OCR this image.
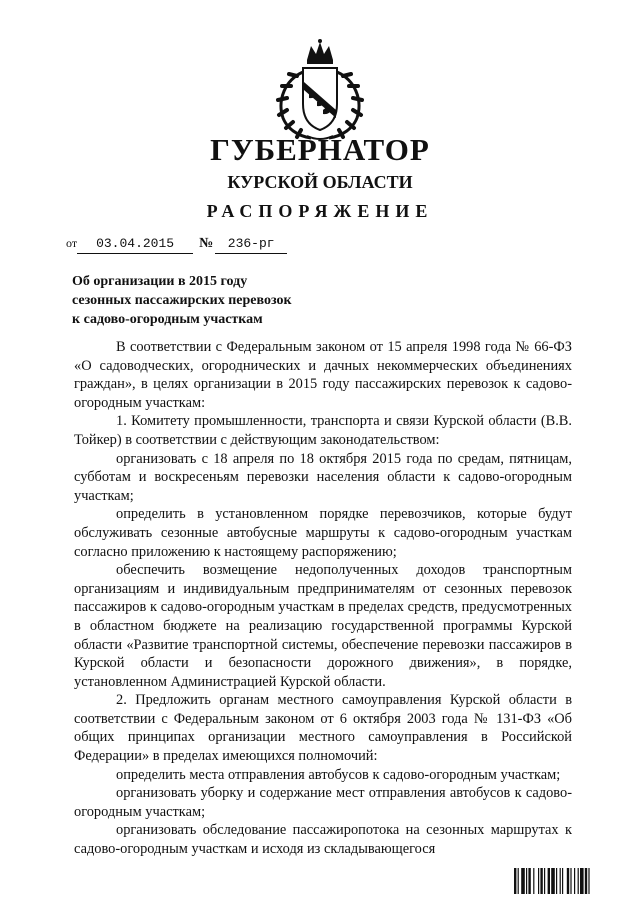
ГУБЕРНАТОР
КУРСКОЙ ОБЛАСТИ
РАСПОРЯЖЕНИЕ
от 03.04.2015 № 236-рг
Об организации в 2015 году
сезонных пассажирских перевозок
к садово-огородным участкам

В соответствии с Федеральным законом от 15 апреля 1998 года № 66-ФЗ «О садоводческих, огороднических и дачных некоммерческих объединениях граждан», в целях организации в 2015 году пассажирских перевозок к садово-огородным участкам:

1. Комитету промышленности, транспорта и связи Курской области (В.В. Тойкер) в соответствии с действующим законодательством:

организовать с 18 апреля по 18 октября 2015 года по средам, пятницам, субботам и воскресеньям перевозки населения области к садово-огородным участкам;

определить в установленном порядке перевозчиков, которые будут обслуживать сезонные автобусные маршруты к садово-огородным участкам согласно приложению к настоящему распоряжению;

обеспечить возмещение недополученных доходов транспортным организациям и индивидуальным предпринимателям от сезонных перевозок пассажиров к садово-огородным участкам в пределах средств, предусмотренных в областном бюджете на реализацию государственной программы Курской области «Развитие транспортной системы, обеспечение перевозки пассажиров в Курской области и безопасности дорожного движения», в порядке, установленном Администрацией Курской области.

2. Предложить органам местного самоуправления Курской области в соответствии с Федеральным законом от 6 октября 2003 года № 131-ФЗ «Об общих принципах организации местного самоуправления в Российской Федерации» в пределах имеющихся полномочий:

определить места отправления автобусов к садово-огородным участкам;

организовать уборку и содержание мест отправления автобусов к садово-огородным участкам;

организовать обследование пассажиропотока на сезонных маршрутах к садово-огородным участкам и исходя из складывающегося
